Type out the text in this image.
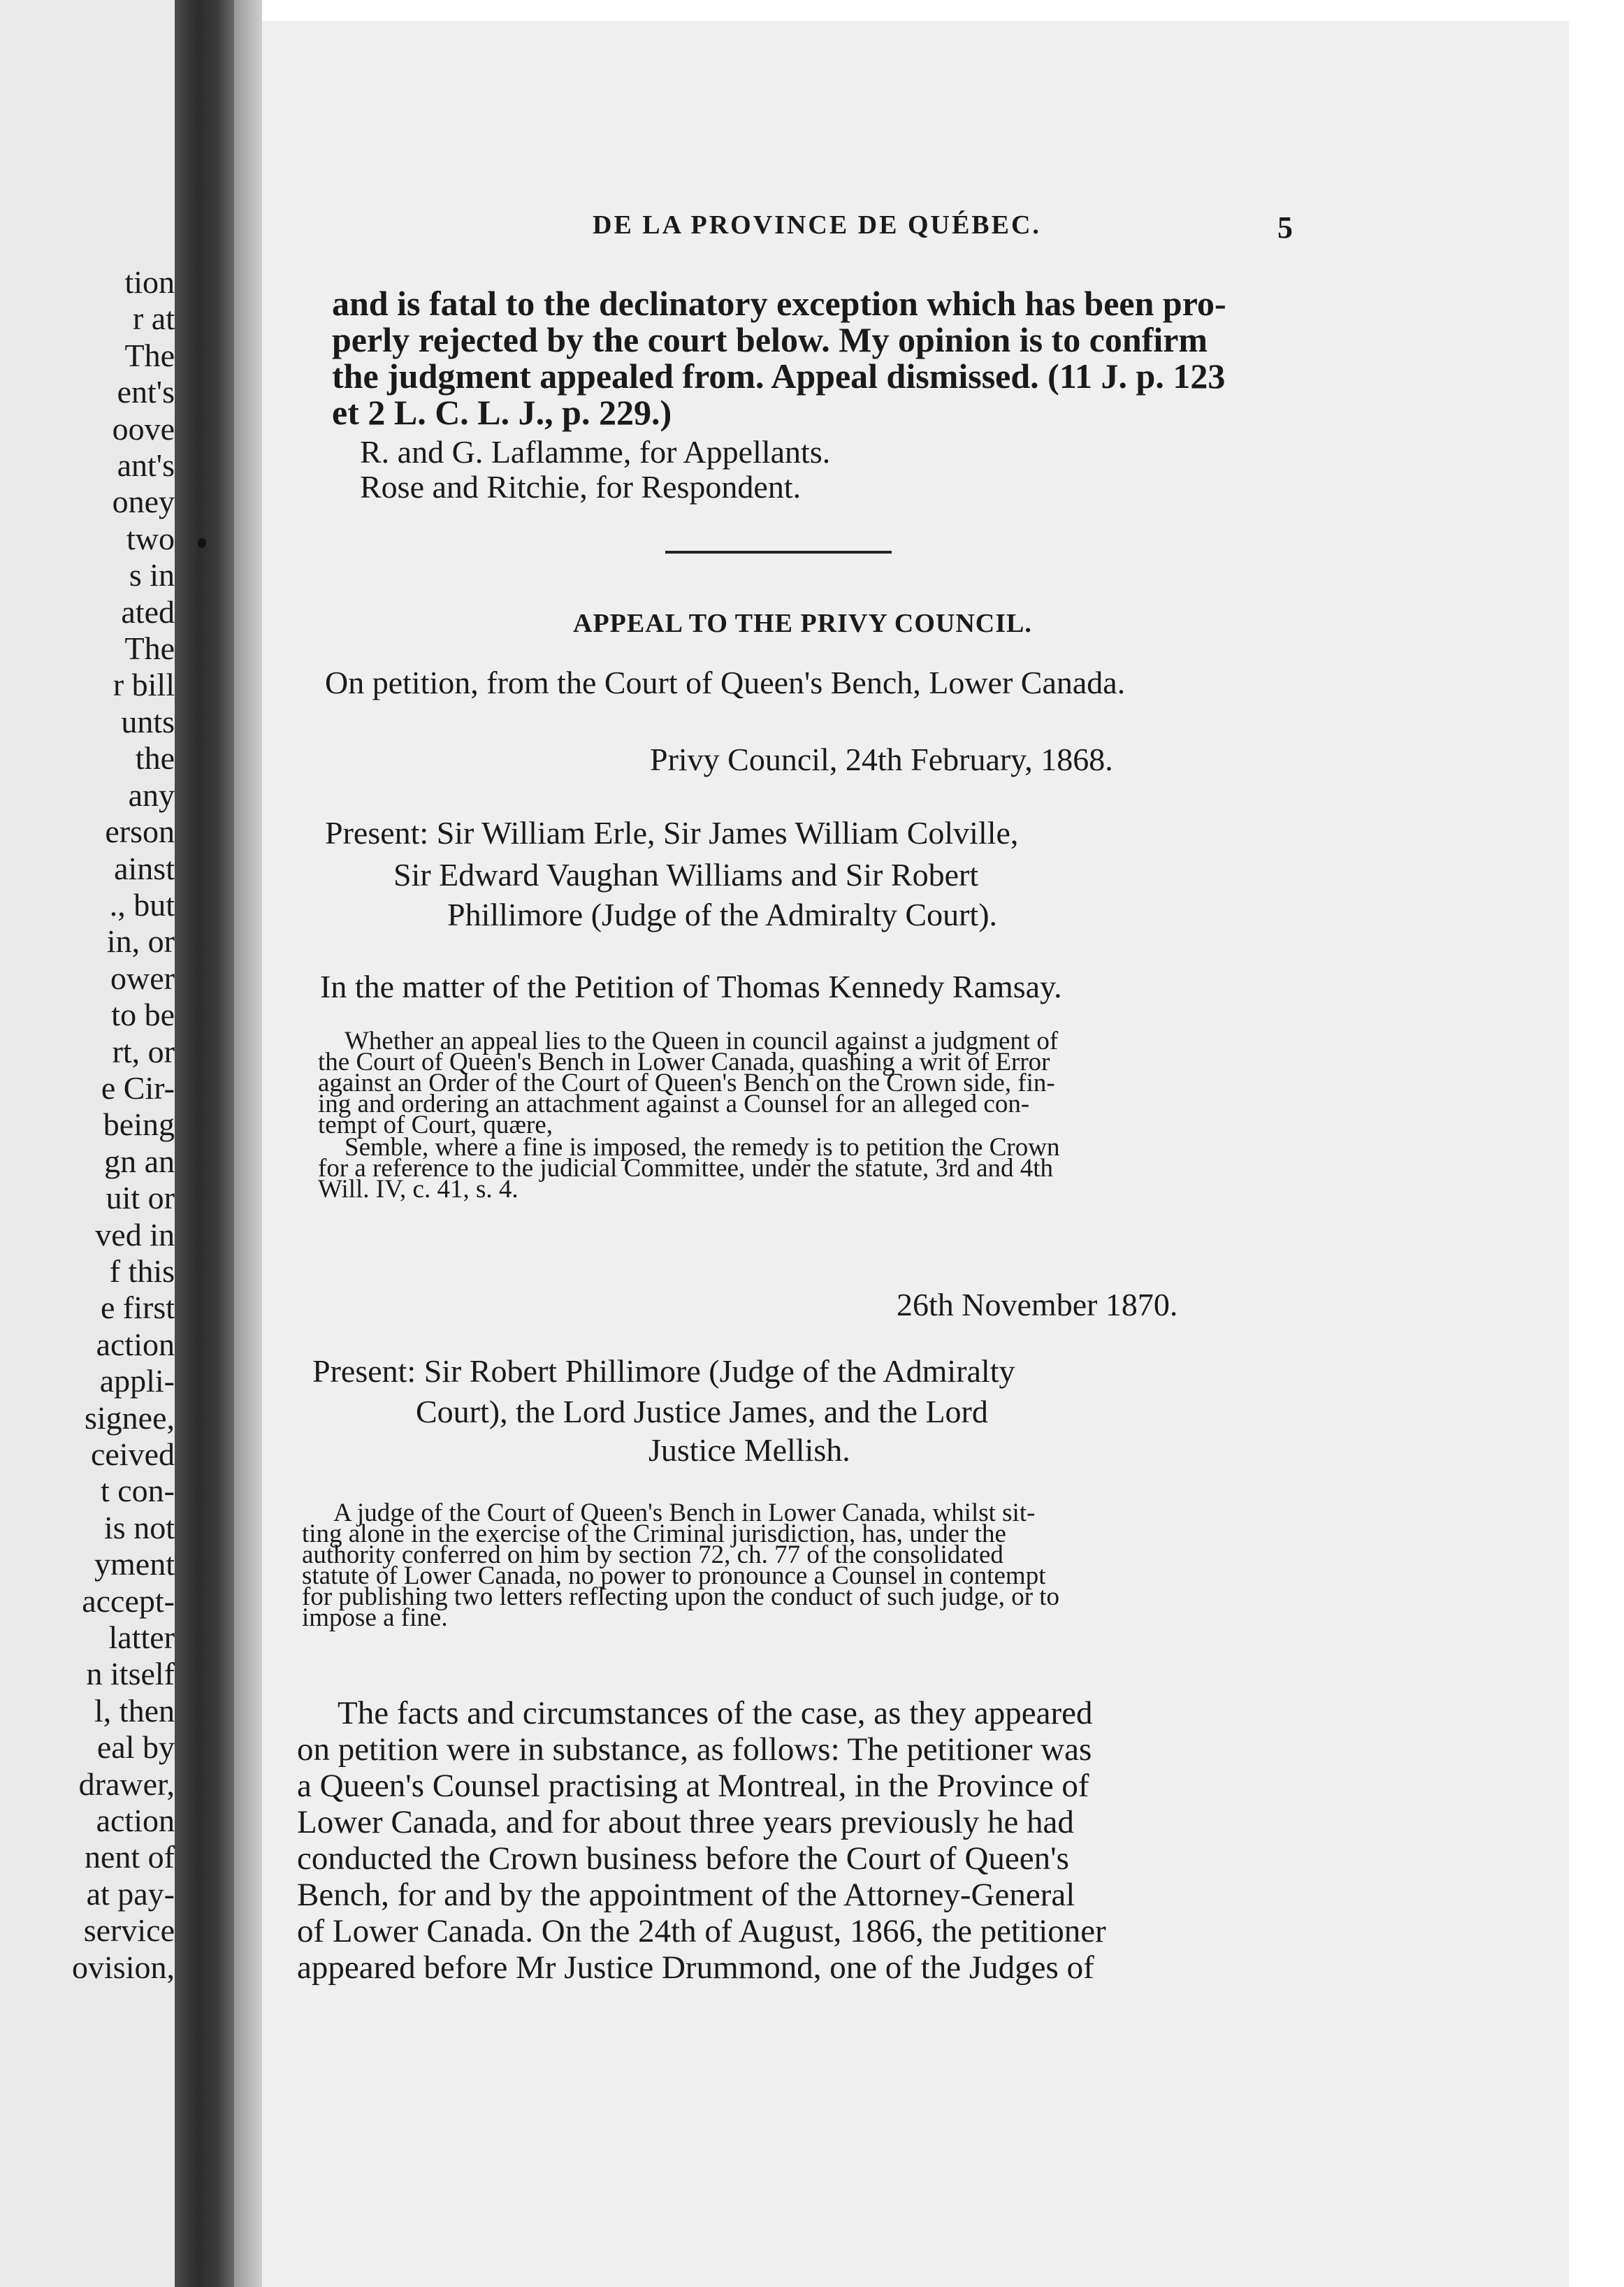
tion
r at
The
ent's
oove
ant's
oney
two
s in
ated
The
r bill
unts
the
any
erson
ainst
., but
in, or
ower
to be
rt, or
e Cir-
being
gn an
uit or
ved in
f this
e first
action
appli-
signee,
ceived
t con-
is not
yment
accept-
latter
n itself
l, then
eal by
drawer,
action
nent of
at pay-
service
ovision,
DE LA PROVINCE DE QUÉBEC.	5
and is fatal to the declinatory exception which has been pro-
perly rejected by the court below. My opinion is to confirm
the judgment appealed from. Appeal dismissed. (11 J. p. 123
et 2 L. C. L. J., p. 229.)
R. and G. Laflamme, for Appellants.
Rose and Ritchie, for Respondent.
APPEAL TO THE PRIVY COUNCIL.
On petition, from the Court of Queen's Bench, Lower Canada.
Privy Council, 24th February, 1868.
Present: Sir William Erle, Sir James William Colville,
Sir Edward Vaughan Williams and Sir Robert
Phillimore (Judge of the Admiralty Court).
In the matter of the Petition of Thomas Kennedy Ramsay.
Whether an appeal lies to the Queen in council against a judgment of
the Court of Queen's Bench in Lower Canada, quashing a writ of Error
against an Order of the Court of Queen's Bench on the Crown side, fin-
ing and ordering an attachment against a Counsel for an alleged con-
tempt of Court, quære,
Semble, where a fine is imposed, the remedy is to petition the Crown
for a reference to the judicial Committee, under the statute, 3rd and 4th
Will. IV, c. 41, s. 4.
26th November 1870.
Present: Sir Robert Phillimore (Judge of the Admiralty
Court), the Lord Justice James, and the Lord
Justice Mellish.
A judge of the Court of Queen's Bench in Lower Canada, whilst sit-
ting alone in the exercise of the Criminal jurisdiction, has, under the
authority conferred on him by section 72, ch. 77 of the consolidated
statute of Lower Canada, no power to pronounce a Counsel in contempt
for publishing two letters reflecting upon the conduct of such judge, or to
impose a fine.
The facts and circumstances of the case, as they appeared
on petition were in substance, as follows: The petitioner was
a Queen's Counsel practising at Montreal, in the Province of
Lower Canada, and for about three years previously he had
conducted the Crown business before the Court of Queen's
Bench, for and by the appointment of the Attorney-General
of Lower Canada. On the 24th of August, 1866, the petitioner
appeared before Mr Justice Drummond, one of the Judges of
